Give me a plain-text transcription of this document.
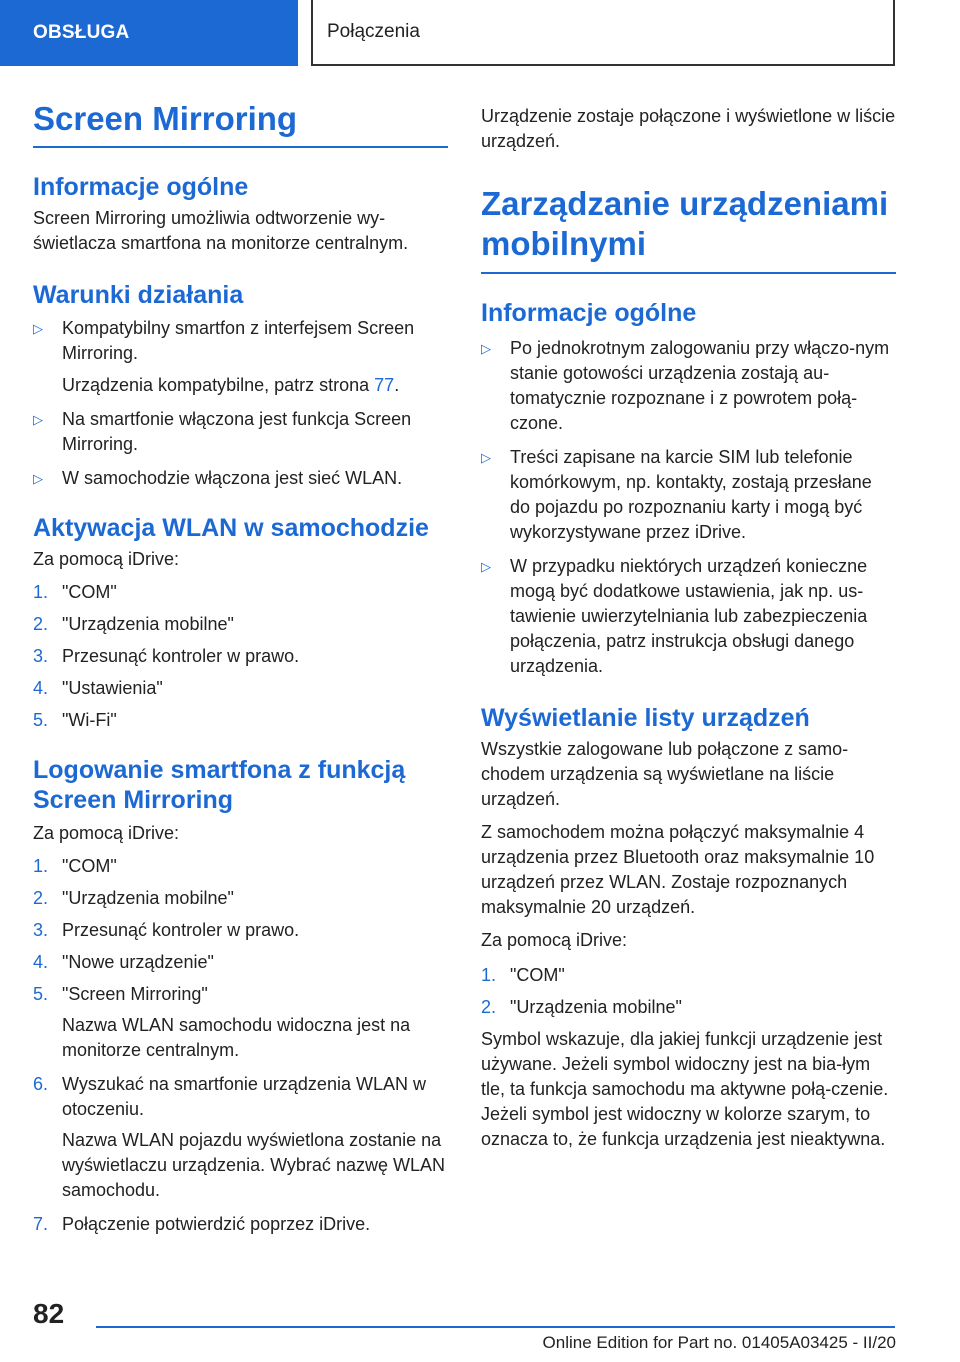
OBSŁUGA	Połączenia
Screen Mirroring
Informacje ogólne

Screen Mirroring umożliwia odtworzenie wy-świetlacza smartfona na monitorze centralnym.

Warunki działania
▷ Kompatybilny smartfon z interfejsem Screen Mirroring.

Urządzenia kompatybilne, patrz strona 77.

▷ Na smartfonie włączona jest funkcja Screen Mirroring.
▷ W samochodzie włączona jest sieć WLAN.
Aktywacja WLAN w samochodzie

Za pomocą iDrive:

1. "COM"
2. "Urządzenia mobilne"
3. Przesunąć kontroler w prawo.
4. "Ustawienia"
5. "Wi-Fi"
Logowanie smartfona z funkcją Screen Mirroring

Za pomocą iDrive:

1. "COM"
2. "Urządzenia mobilne"
3. Przesunąć kontroler w prawo.
4. "Nowe urządzenie"
5. "Screen Mirroring"

Nazwa WLAN samochodu widoczna jest na monitorze centralnym.

6. Wyszukać na smartfonie urządzenia WLAN w otoczeniu.

Nazwa WLAN pojazdu wyświetlona zostanie na wyświetlaczu urządzenia. Wybrać nazwę WLAN samochodu.

7. Połączenie potwierdzić poprzez iDrive.

Urządzenie zostaje połączone i wyświetlone w liście urządzeń.

Zarządzanie urządzeniami mobilnymi
Informacje ogólne
▷ Po jednokrotnym zalogowaniu przy włączo-nym stanie gotowości urządzenia zostają au-tomatycznie rozpoznane i z powrotem połą-czone.
▷ Treści zapisane na karcie SIM lub telefonie komórkowym, np. kontakty, zostają przesłane do pojazdu po rozpoznaniu karty i mogą być wykorzystywane przez iDrive.
▷ W przypadku niektórych urządzeń konieczne mogą być dodatkowe ustawienia, jak np. us-tawienie uwierzytelniania lub zabezpieczenia połączenia, patrz instrukcja obsługi danego urządzenia.
Wyświetlanie listy urządzeń

Wszystkie zalogowane lub połączone z samo-chodem urządzenia są wyświetlane na liście urządzeń.

Z samochodem można połączyć maksymalnie 4 urządzenia przez Bluetooth oraz maksymalnie 10 urządzeń przez WLAN. Zostaje rozpoznanych maksymalnie 20 urządzeń.

Za pomocą iDrive:

1. "COM"
2. "Urządzenia mobilne"

Symbol wskazuje, dla jakiej funkcji urządzenie jest używane. Jeżeli symbol widoczny jest na bia-łym tle, ta funkcja samochodu ma aktywne połą-czenie. Jeżeli symbol jest widoczny w kolorze szarym, to oznacza to, że funkcja urządzenia jest nieaktywna.

82
Online Edition for Part no. 01405A03425 - II/20
